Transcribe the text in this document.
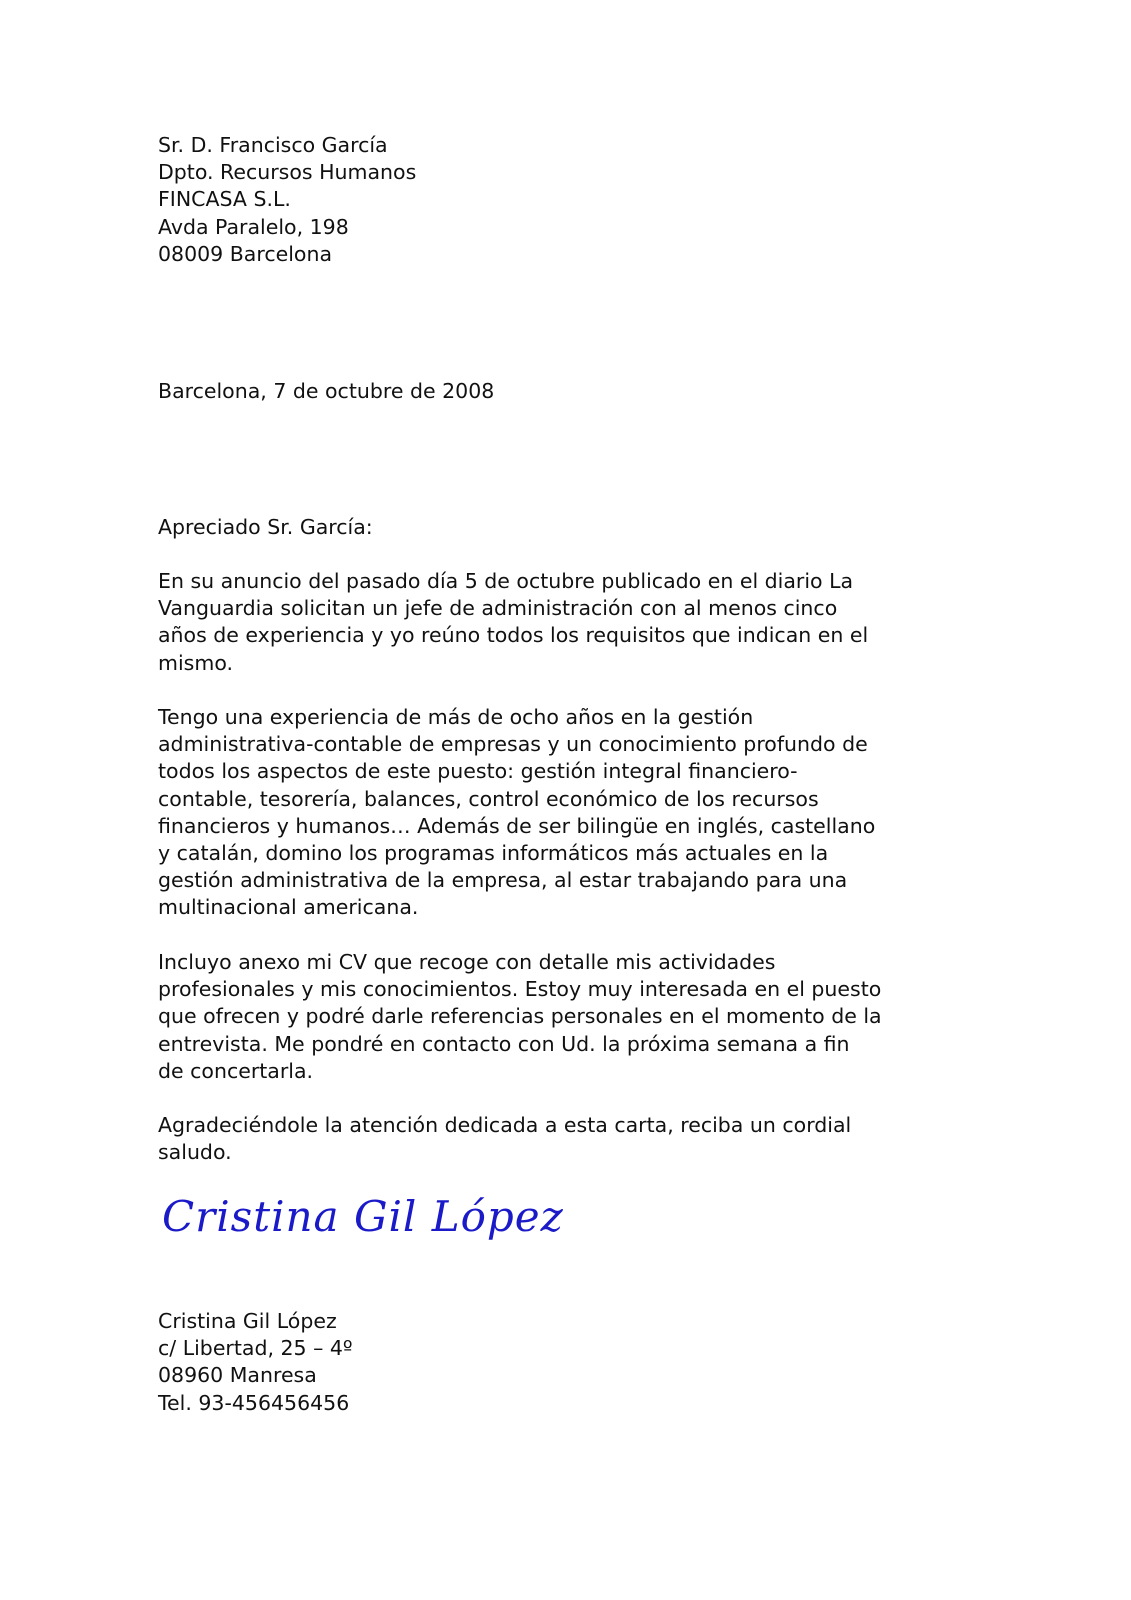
Sr. D. Francisco García
Dpto. Recursos Humanos
FINCASA S.L.
Avda Paralelo, 198
08009 Barcelona
Barcelona, 7 de octubre de 2008
Apreciado Sr. García:
En su anuncio del pasado día 5 de octubre publicado en el diario La
Vanguardia solicitan un jefe de administración con al menos cinco
años de experiencia y yo reúno todos los requisitos que indican en el
mismo.
Tengo una experiencia de más de ocho años en la gestión
administrativa-contable de empresas y un conocimiento profundo de
todos los aspectos de este puesto: gestión integral financiero-
contable, tesorería, balances, control económico de los recursos
financieros y humanos… Además de ser bilingüe en inglés, castellano
y catalán, domino los programas informáticos más actuales en la
gestión administrativa de la empresa, al estar trabajando para una
multinacional americana.
Incluyo anexo mi CV que recoge con detalle mis actividades
profesionales y mis conocimientos. Estoy muy interesada en el puesto
que ofrecen y podré darle referencias personales en el momento de la
entrevista. Me pondré en contacto con Ud. la próxima semana a fin
de concertarla.
Agradeciéndole la atención dedicada a esta carta, reciba un cordial
saludo.
Cristina Gil López
Cristina Gil López
c/ Libertad, 25 – 4º
08960 Manresa
Tel. 93-456456456
